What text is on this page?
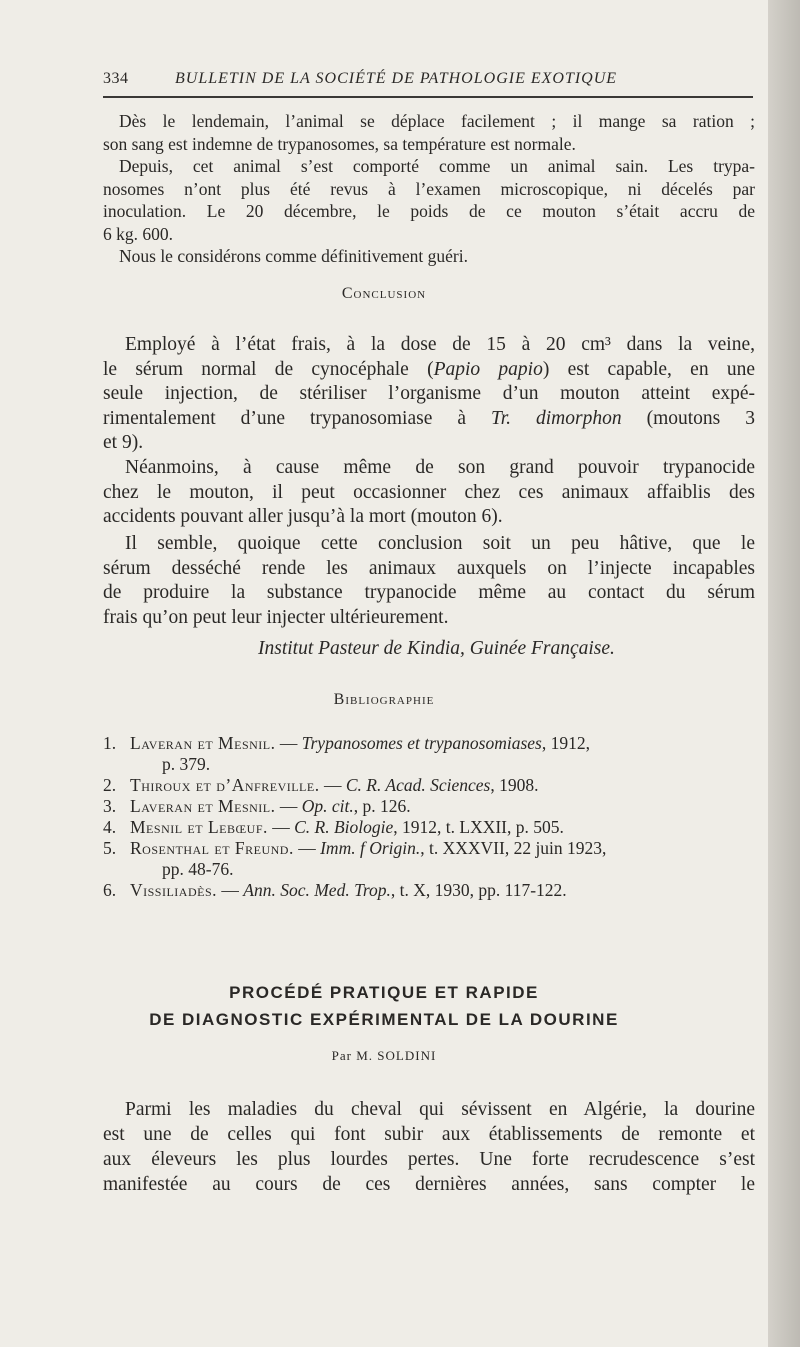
334	BULLETIN DE LA SOCIÉTÉ DE PATHOLOGIE EXOTIQUE
Dès le lendemain, l’animal se déplace facilement ; il mange sa ration ;
son sang est indemne de trypanosomes, sa température est normale.
Depuis, cet animal s’est comporté comme un animal sain. Les trypa-
nosomes n’ont plus été revus à l’examen microscopique, ni décelés par
inoculation. Le 20 décembre, le poids de ce mouton s’était accru de
6 kg. 600.
Nous le considérons comme définitivement guéri.

Conclusion

Employé à l’état frais, à la dose de 15 à 20 cm³ dans la veine,
le sérum normal de cynocéphale (Papio papio) est capable, en une
seule injection, de stériliser l’organisme d’un mouton atteint expé-
rimentalement d’une trypanosomiase à Tr. dimorphon (moutons 3
et 9).
Néanmoins, à cause même de son grand pouvoir trypanocide
chez le mouton, il peut occasionner chez ces animaux affaiblis des
accidents pouvant aller jusqu’à la mort (mouton 6).
Il semble, quoique cette conclusion soit un peu hâtive, que le
sérum desséché rende les animaux auxquels on l’injecte incapables
de produire la substance trypanocide même au contact du sérum
frais qu’on peut leur injecter ultérieurement.
Institut Pasteur de Kindia, Guinée Française.

Bibliographie

1. Laveran et Mesnil. — Trypanosomes et trypanosomiases, 1912,
p. 379.
2. Thiroux et d’Anfreville. — C. R. Acad. Sciences, 1908.
3. Laveran et Mesnil. — Op. cit., p. 126.
4. Mesnil et Lebœuf. — C. R. Biologie, 1912, t. LXXII, p. 505.
5. Rosenthal et Freund. — Imm. f Origin., t. XXXVII, 22 juin 1923,
pp. 48-76.
6. Vissiliadès. — Ann. Soc. Med. Trop., t. X, 1930, pp. 117-122.

PROCÉDÉ PRATIQUE ET RAPIDE

DE DIAGNOSTIC EXPÉRIMENTAL DE LA DOURINE

Par M. SOLDINI

Parmi les maladies du cheval qui sévissent en Algérie, la dourine
est une de celles qui font subir aux établissements de remonte et
aux éleveurs les plus lourdes pertes. Une forte recrudescence s’est
manifestée au cours de ces dernières années, sans compter le
